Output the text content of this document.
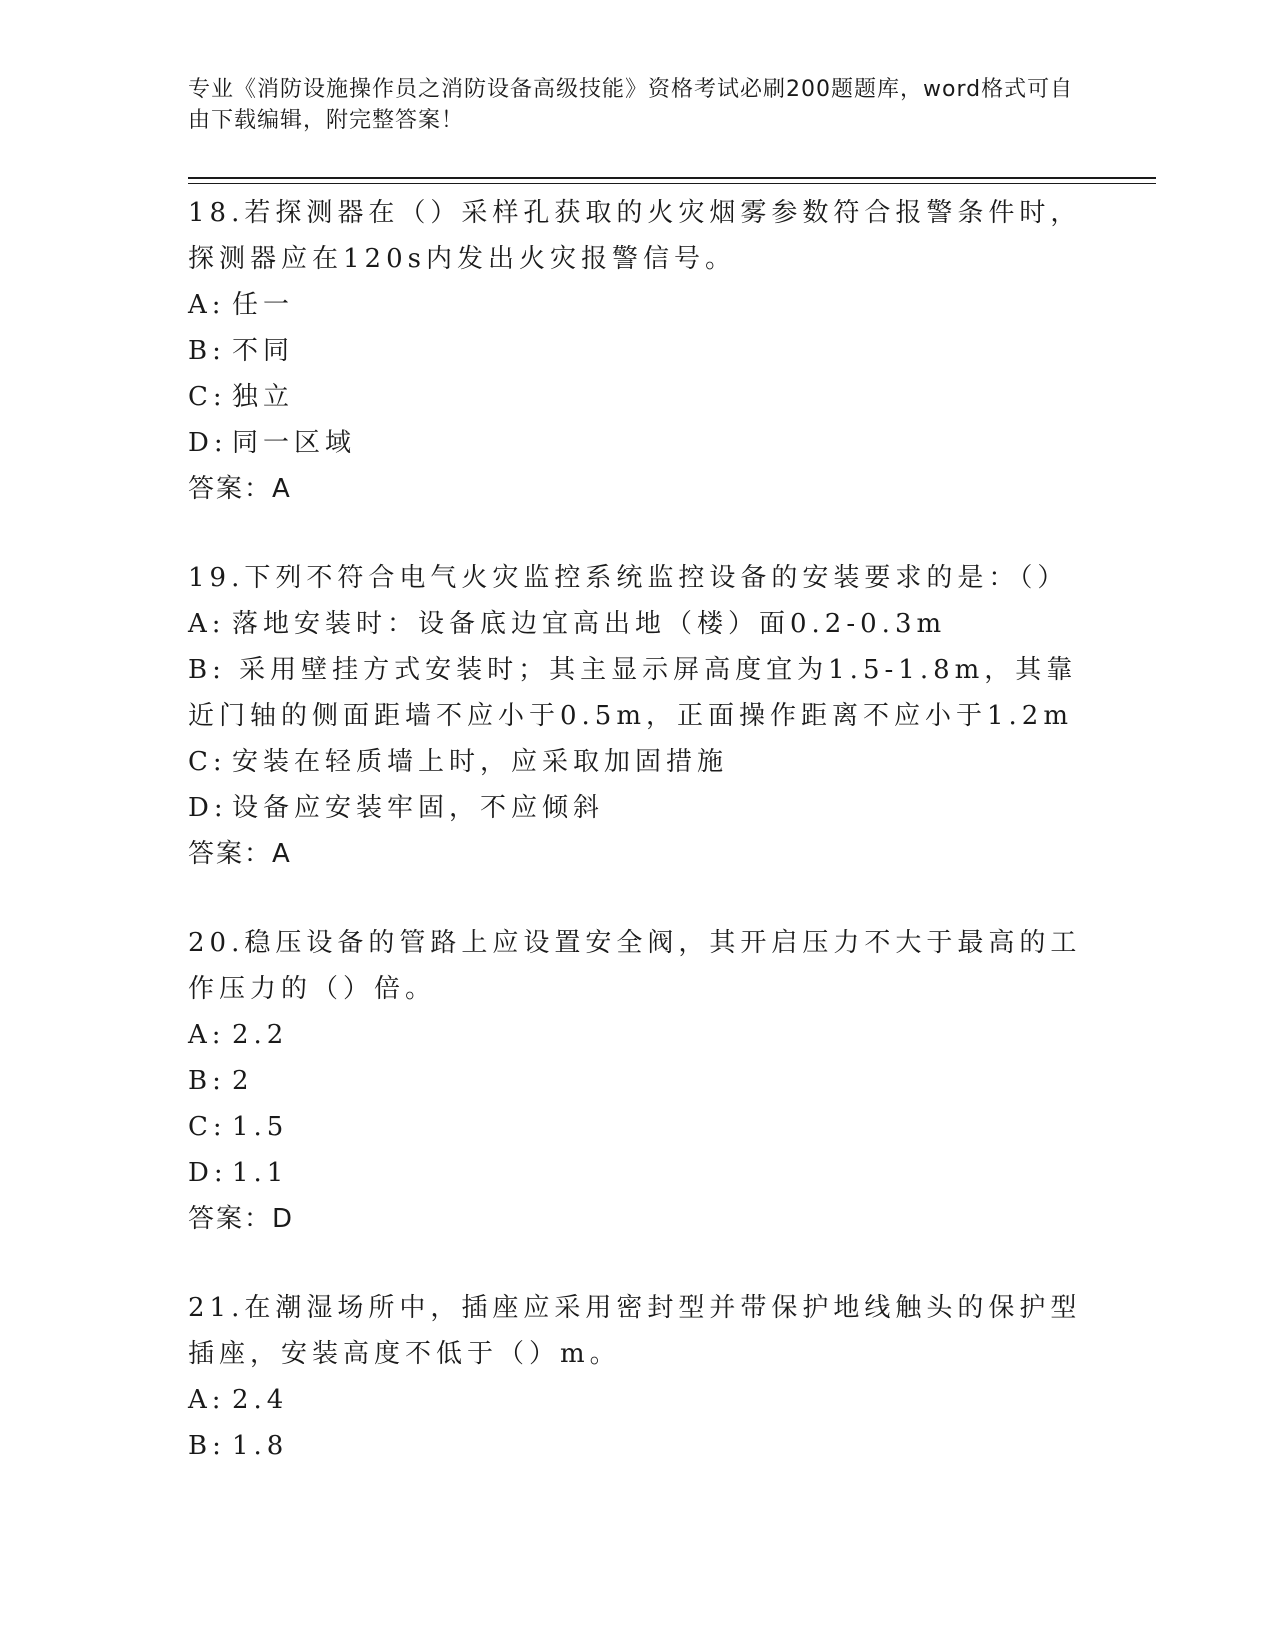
专业《消防设施操作员之消防设备高级技能》资格考试必刷200题题库，word格式可自由下载编辑，附完整答案！

18.若探测器在（）采样孔获取的火灾烟雾参数符合报警条件时，探测器应在120s内发出火灾报警信号。

A: 任一
B: 不同
C: 独立
D: 同一区域

答案：A

19.下列不符合电气火灾监控系统监控设备的安装要求的是：（）

A: 落地安装时：设备底边宜高出地（楼）面0.2-0.3m

B: 采用壁挂方式安装时；其主显示屏高度宜为1.5-1.8m，其靠近门轴的侧面距墙不应小于0.5m，正面操作距离不应小于1.2m

C: 安装在轻质墙上时，应采取加固措施
D: 设备应安装牢固，不应倾斜

答案：A

20.稳压设备的管路上应设置安全阀，其开启压力不大于最高的工作压力的（）倍。

A: 2.2
B: 2
C: 1.5
D: 1.1

答案：D

21.在潮湿场所中，插座应采用密封型并带保护地线触头的保护型插座，安装高度不低于（）m。

A: 2.4
B: 1.8
